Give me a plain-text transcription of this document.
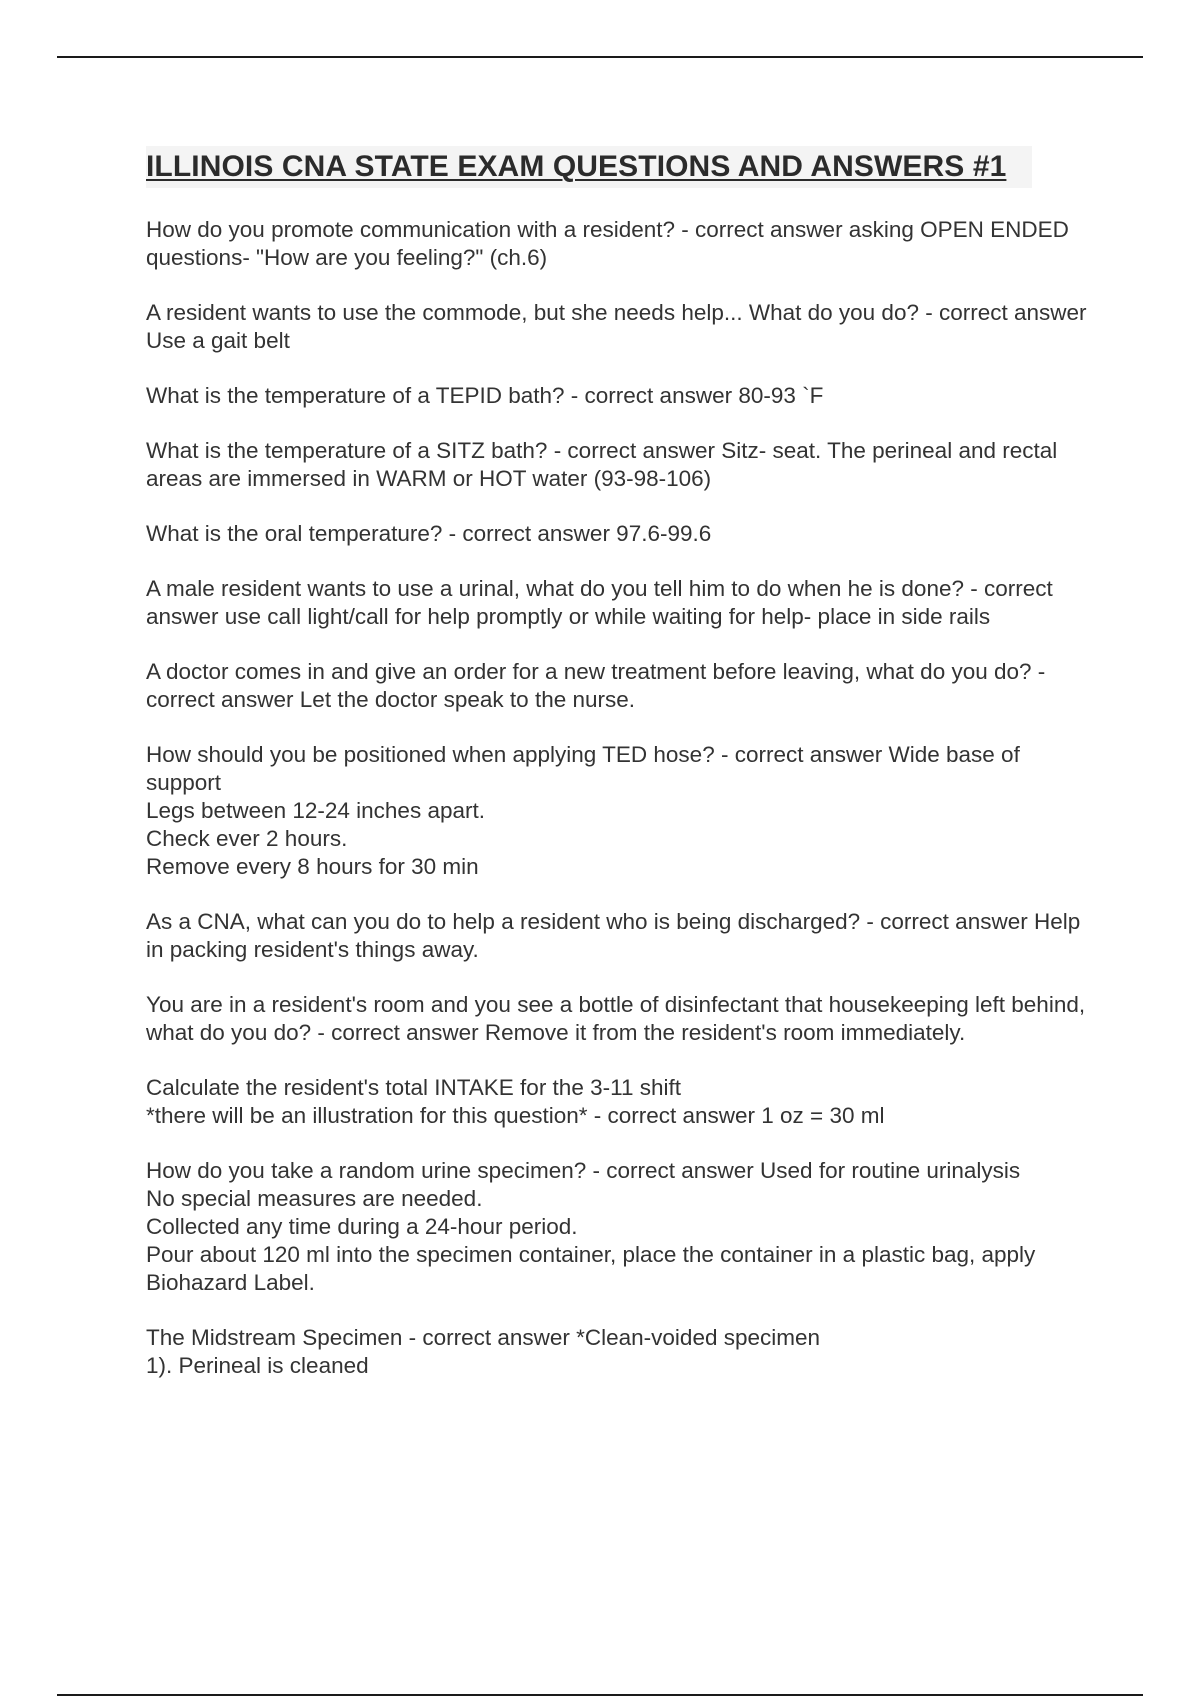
ILLINOIS CNA STATE EXAM QUESTIONS AND ANSWERS #1
How do you promote communication with a resident? - correct answer asking OPEN ENDED questions- "How are you feeling?" (ch.6)
A resident wants to use the commode, but she needs help... What do you do? - correct answer Use a gait belt
What is the temperature of a TEPID bath? - correct answer 80-93 `F
What is the temperature of a SITZ bath? - correct answer Sitz- seat. The perineal and rectal areas are immersed in WARM or HOT water (93-98-106)
What is the oral temperature? - correct answer 97.6-99.6
A male resident wants to use a urinal, what do you tell him to do when he is done? - correct answer use call light/call for help promptly or while waiting for help- place in side rails
A doctor comes in and give an order for a new treatment before leaving, what do you do? - correct answer Let the doctor speak to the nurse.
How should you be positioned when applying TED hose? - correct answer Wide base of support
Legs between 12-24 inches apart.
Check ever 2 hours.
Remove every 8 hours for 30 min
As a CNA, what can you do to help a resident who is being discharged? - correct answer Help in packing resident's things away.
You are in a resident's room and you see a bottle of disinfectant that housekeeping left behind, what do you do? - correct answer Remove it from the resident's room immediately.
Calculate the resident's total INTAKE for the 3-11 shift
*there will be an illustration for this question* - correct answer 1 oz = 30 ml
How do you take a random urine specimen? - correct answer Used for routine urinalysis
No special measures are needed.
Collected any time during a 24-hour period.
Pour about 120 ml into the specimen container, place the container in a plastic bag, apply Biohazard Label.
The Midstream Specimen - correct answer *Clean-voided specimen
1). Perineal is cleaned
